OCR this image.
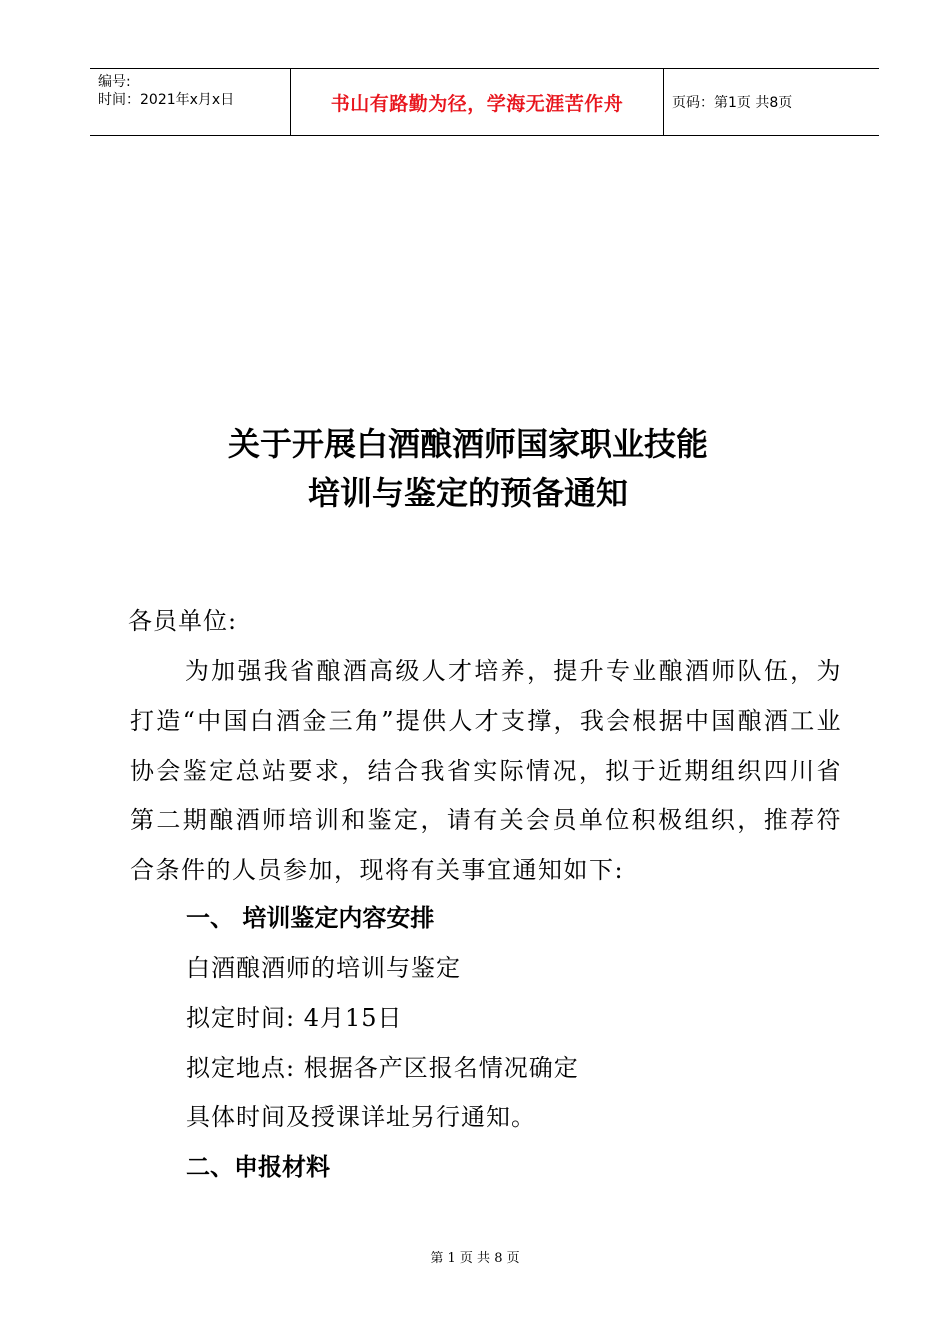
编号:
时间：2021年x月x日	书山有路勤为径，学海无涯苦作舟	页码：第1页 共8页
关于开展白酒酿酒师国家职业技能
培训与鉴定的预备通知
各员单位:
为加强我省酿酒高级人才培养，提升专业酿酒师队伍，为打造“中国白酒金三角”提供人才支撑，我会根据中国酿酒工业协会鉴定总站要求，结合我省实际情况，拟于近期组织四川省第二期酿酒师培训和鉴定，请有关会员单位积极组织，推荐符合条件的人员参加，现将有关事宜通知如下:
一、 培训鉴定内容安排
白酒酿酒师的培训与鉴定
拟定时间: 4月15日
拟定地点: 根据各产区报名情况确定
具体时间及授课详址另行通知。
二、申报材料
第 1 页 共 8 页
